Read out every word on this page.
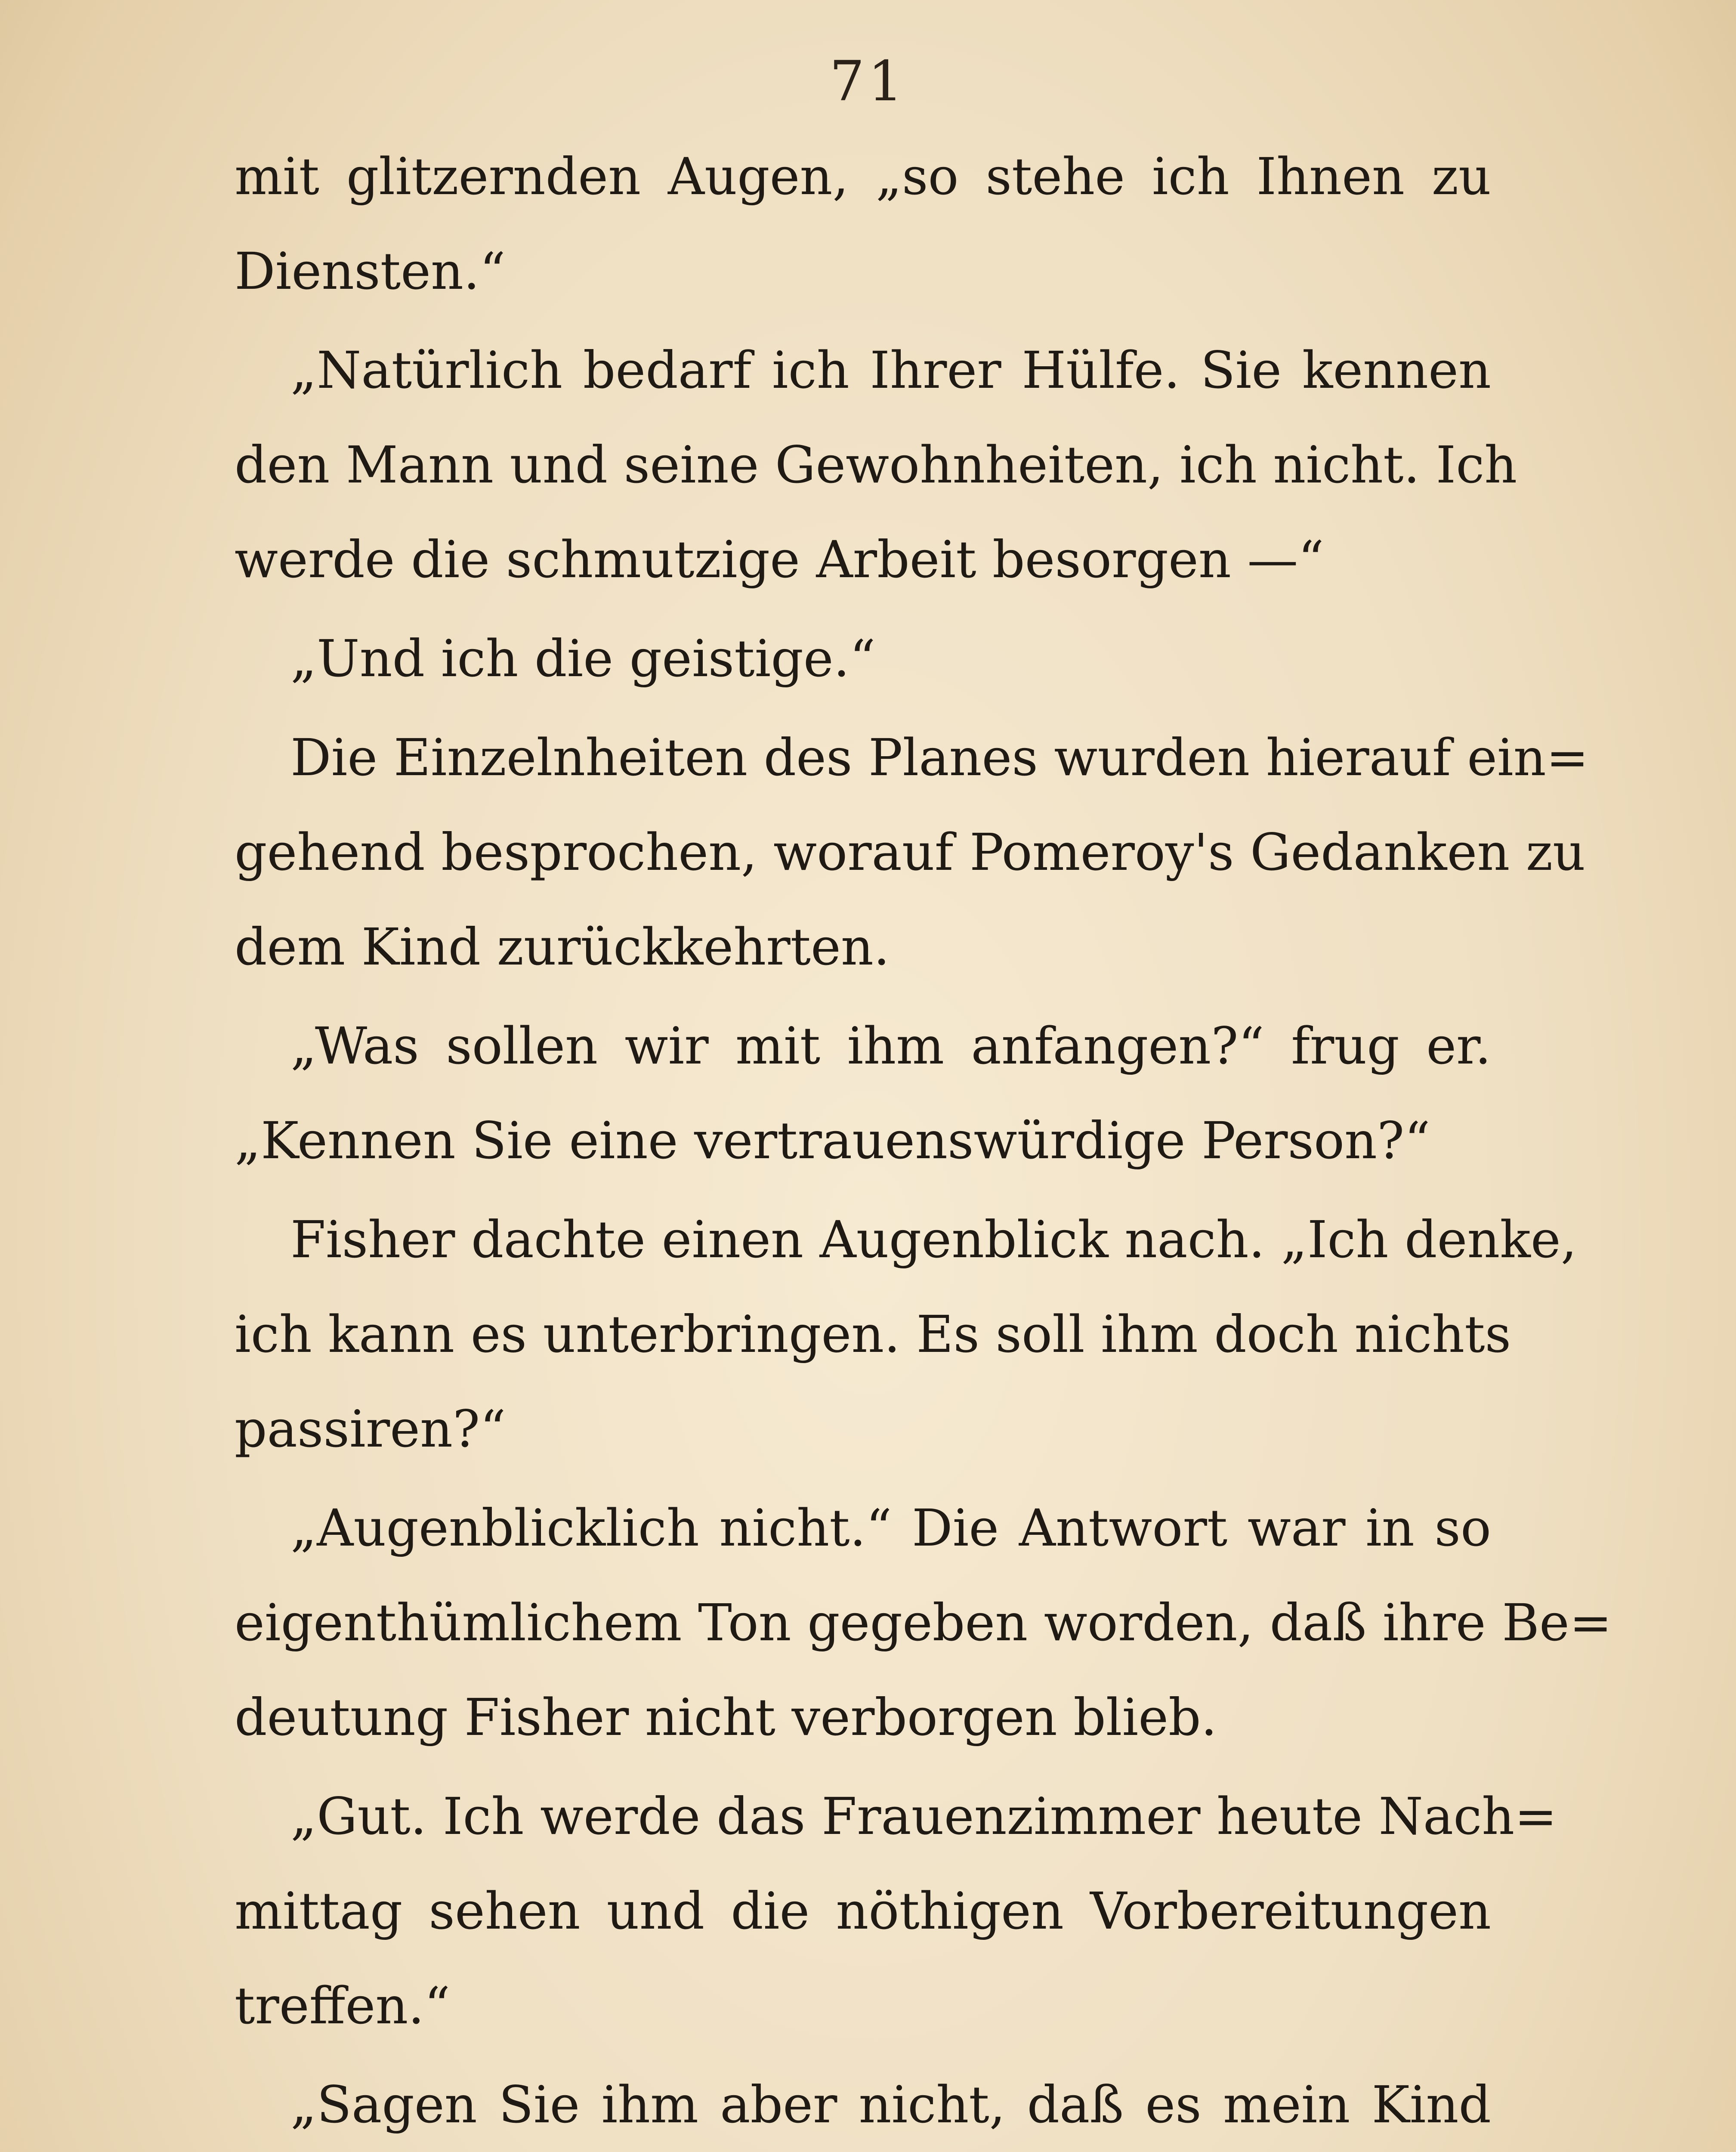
71
mit glitzernden Augen, „so stehe ich Ihnen zu
Diensten.“
„Natürlich bedarf ich Ihrer Hülfe. Sie kennen
den Mann und seine Gewohnheiten, ich nicht. Ich
werde die schmutzige Arbeit besorgen —“
„Und ich die geistige.“
Die Einzelnheiten des Planes wurden hierauf ein=
gehend besprochen, worauf Pomeroy's Gedanken zu
dem Kind zurückkehrten.
„Was sollen wir mit ihm anfangen?“ frug er.
„Kennen Sie eine vertrauenswürdige Person?“
Fisher dachte einen Augenblick nach. „Ich denke,
ich kann es unterbringen. Es soll ihm doch nichts
passiren?“
„Augenblicklich nicht.“ Die Antwort war in so
eigenthümlichem Ton gegeben worden, daß ihre Be=
deutung Fisher nicht verborgen blieb.
„Gut. Ich werde das Frauenzimmer heute Nach=
mittag sehen und die nöthigen Vorbereitungen
treffen.“
„Sagen Sie ihm aber nicht, daß es mein Kind
